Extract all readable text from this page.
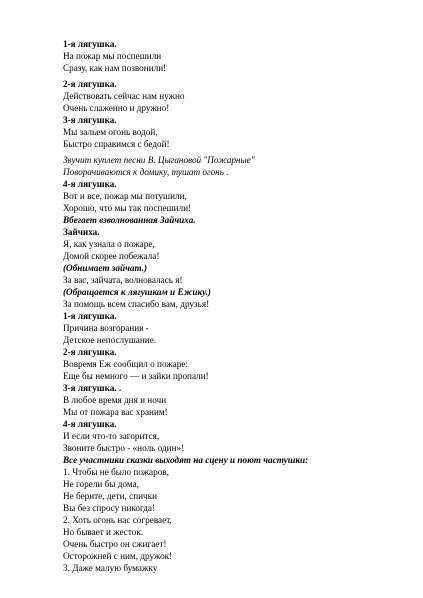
1-я лягушка.
На пожар мы поспешили
Сразу, как нам позвонили!
2-я лягушка.
Действовать сейчас нам нужно
Очень слаженно и дружно!
3-я лягушка.
Мы зальем огонь водой,
Быстро справимся с бедой!
Звучит куплет песни В. Цыгановой "Пожарные"
Поворачиваются к домику, тушат огонь .
4-я лягушка.
Вот и все, пожар мы потушили,
Хорошо, что мы так поспешили!
Вбегает взволнованная Зайчиха.
Зайчиха.
Я, как узнала о пожаре,
Домой скорее побежала!
(Обнимает зайчат.)
За вас, зайчата, волновалась я!
(Обращается к лягушкам и Ежику.)
За помощь всем спасибо вам, друзья!
1-я лягушка.
Причина возгорания -
Детское непослушание.
2-я лягушка.
Вовремя Еж сообщил о пожаре:
Еще бы немного — и зайки пропали!
3-я лягушка. .
В любое время дня и ночи
Мы от пожара вас храним!
4-я лягушка.
И если что-то загорится,
Звоните быстро - «ноль один»!
Все участники сказки выходят на сцену и поют частушки:
1. Чтобы не было пожаров,
Не горели бы дома,
Не берите, дети, спички
Вы без спросу никогда!
2. Хоть огонь нас согревает,
Но бывает и жесток.
Очень быстро он сжигает!
Осторожней с ним, дружок!
3. Даже малую бумажку
